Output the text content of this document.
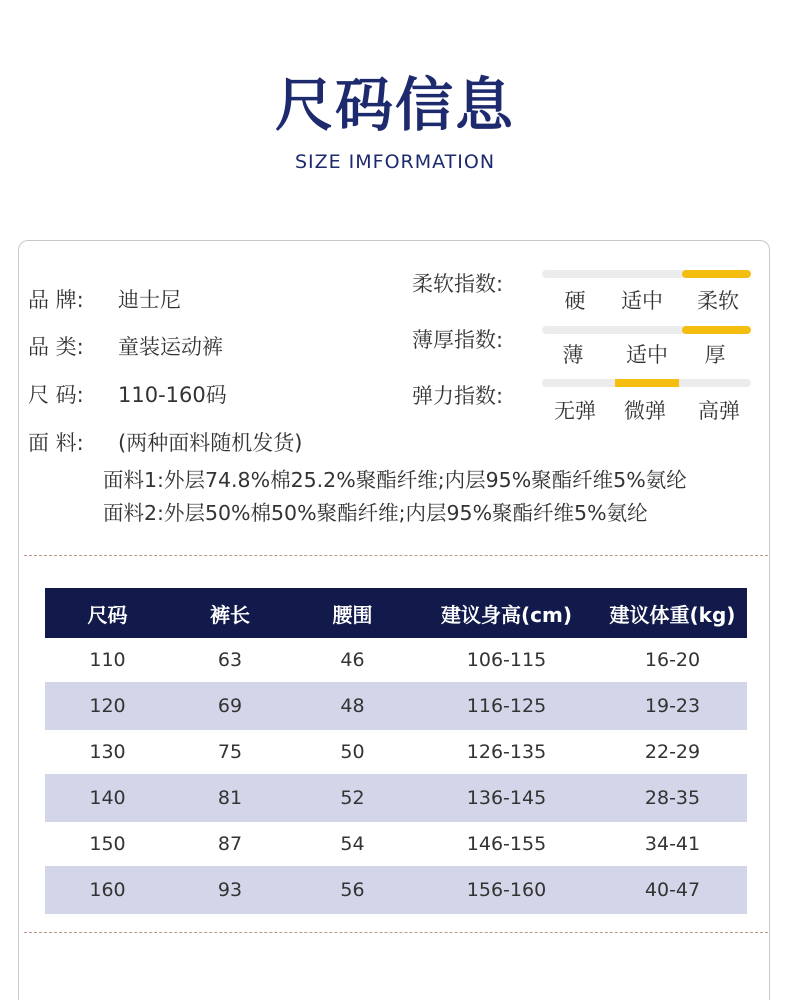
尺码信息
SIZE IMFORMATION
品 牌: 迪士尼
品 类: 童装运动裤
尺 码: 110-160码
面 料: (两种面料随机发货)
面料1:外层74.8%棉25.2%聚酯纤维;内层95%聚酯纤维5%氨纶
面料2:外层50%棉50%聚酯纤维;内层95%聚酯纤维5%氨纶
柔软指数:
硬	适中	柔软
薄厚指数:
薄	适中	厚
弹力指数:
无弹	微弹	高弹
尺码	裤长	腰围	建议身高(cm)	建议体重(kg)
110	63	46	106-115	16-20
120	69	48	116-125	19-23
130	75	50	126-135	22-29
140	81	52	136-145	28-35
150	87	54	146-155	34-41
160	93	56	156-160	40-47
